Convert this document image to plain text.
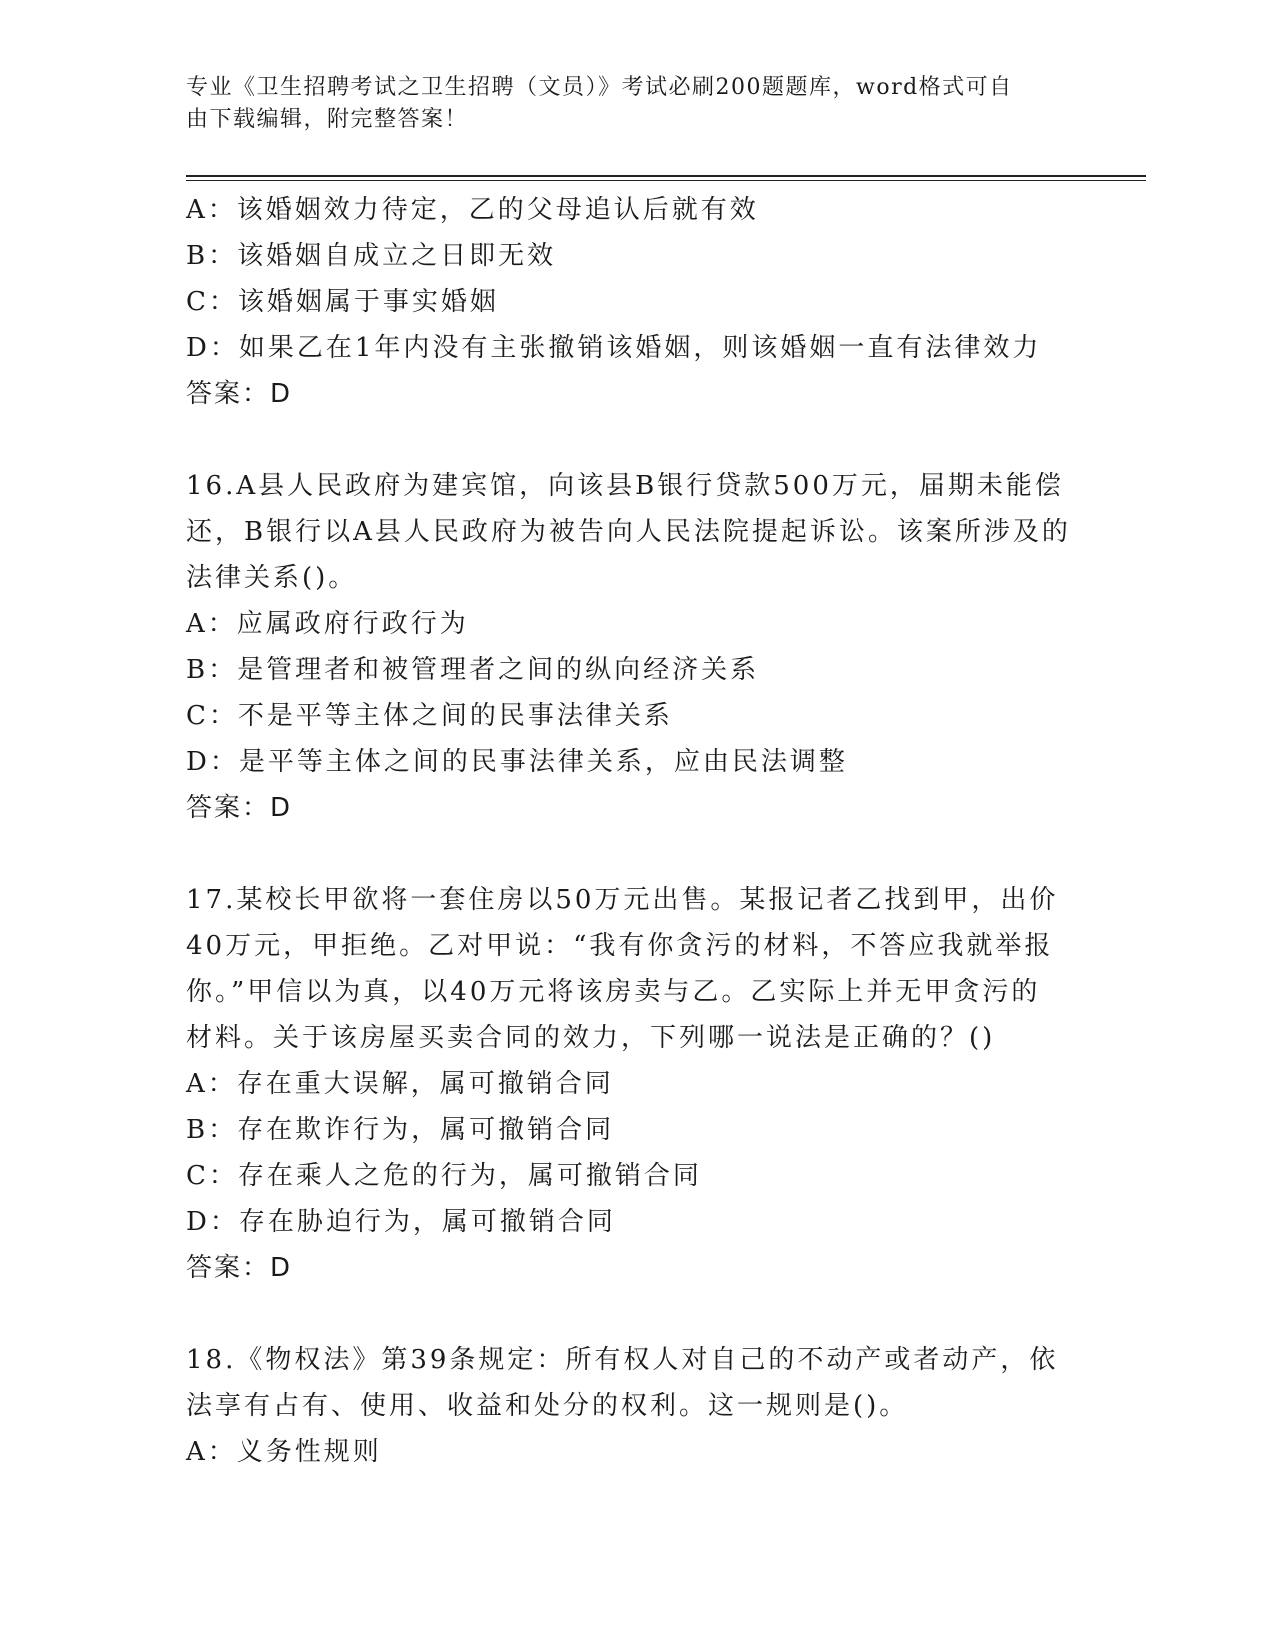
专业《卫生招聘考试之卫生招聘（文员）》考试必刷200题题库，word格式可自
由下载编辑，附完整答案！
A：该婚姻效力待定，乙的父母追认后就有效
B：该婚姻自成立之日即无效
C：该婚姻属于事实婚姻
D：如果乙在1年内没有主张撤销该婚姻，则该婚姻一直有法律效力
答案：D
16.A县人民政府为建宾馆，向该县B银行贷款500万元，届期未能偿
还，B银行以A县人民政府为被告向人民法院提起诉讼。该案所涉及的
法律关系()。
A：应属政府行政行为
B：是管理者和被管理者之间的纵向经济关系
C：不是平等主体之间的民事法律关系
D：是平等主体之间的民事法律关系，应由民法调整
答案：D
17.某校长甲欲将一套住房以50万元出售。某报记者乙找到甲，出价
40万元，甲拒绝。乙对甲说：“我有你贪污的材料，不答应我就举报
你。”甲信以为真，以40万元将该房卖与乙。乙实际上并无甲贪污的
材料。关于该房屋买卖合同的效力，下列哪一说法是正确的？()
A：存在重大误解，属可撤销合同
B：存在欺诈行为，属可撤销合同
C：存在乘人之危的行为，属可撤销合同
D：存在胁迫行为，属可撤销合同
答案：D
18.《物权法》第39条规定：所有权人对自己的不动产或者动产，依
法享有占有、使用、收益和处分的权利。这一规则是()。
A：义务性规则
